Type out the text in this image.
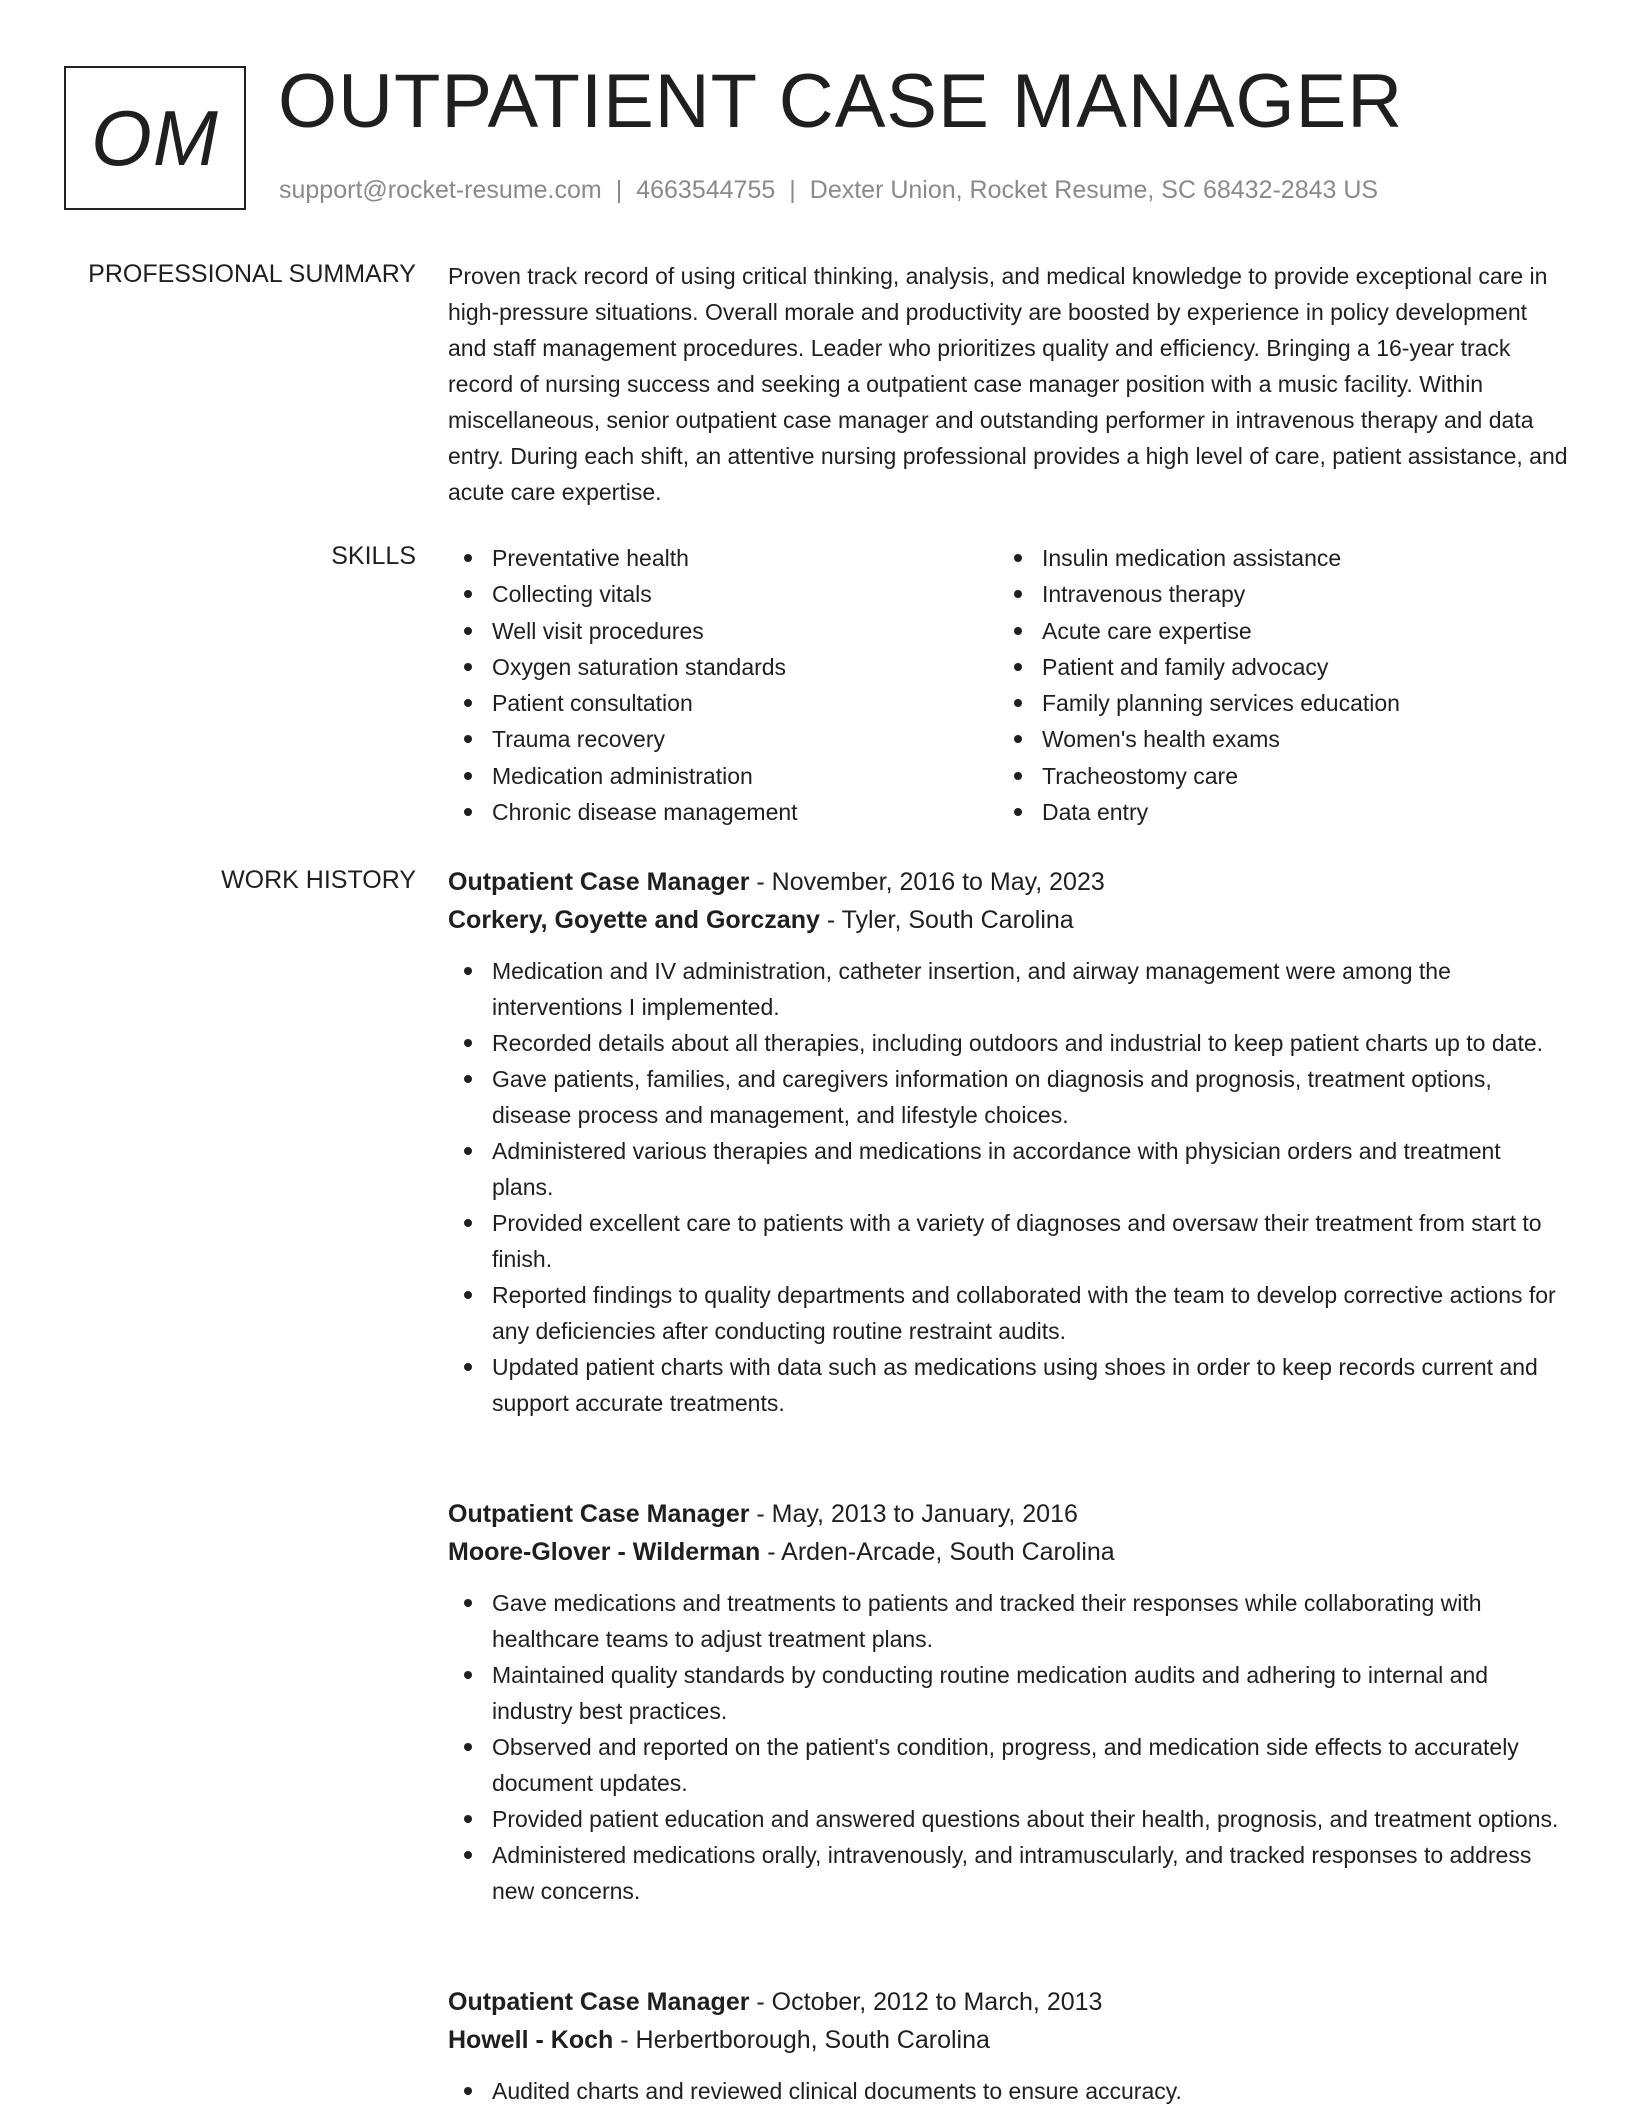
OM OUTPATIENT CASE MANAGER
support@rocket-resume.com | 4663544755 | Dexter Union, Rocket Resume, SC 68432-2843 US
PROFESSIONAL SUMMARY Proven track record of using critical thinking, analysis, and medical knowledge to provide exceptional care in high-pressure situations. Overall morale and productivity are boosted by experience in policy development and staff management procedures. Leader who prioritizes quality and efficiency. Bringing a 16-year track record of nursing success and seeking a outpatient case manager position with a music facility. Within miscellaneous, senior outpatient case manager and outstanding performer in intravenous therapy and data entry. During each shift, an attentive nursing professional provides a high level of care, patient assistance, and acute care expertise.
SKILLS	Preventative health
Collecting vitals
Well visit procedures
Oxygen saturation standards
Patient consultation
Trauma recovery
Medication administration
Chronic disease management
Insulin medication assistance
Intravenous therapy
Acute care expertise
Patient and family advocacy
Family planning services education
Women's health exams
Tracheostomy care
Data entry
WORK HISTORY Outpatient Case Manager - November, 2016 to May, 2023
Corkery, Goyette and Gorczany - Tyler, South Carolina
Medication and IV administration, catheter insertion, and airway management were among the interventions I implemented.
Recorded details about all therapies, including outdoors and industrial to keep patient charts up to date.
Gave patients, families, and caregivers information on diagnosis and prognosis, treatment options, disease process and management, and lifestyle choices.
Administered various therapies and medications in accordance with physician orders and treatment plans.
Provided excellent care to patients with a variety of diagnoses and oversaw their treatment from start to finish.
Reported findings to quality departments and collaborated with the team to develop corrective actions for any deficiencies after conducting routine restraint audits.
Updated patient charts with data such as medications using shoes in order to keep records current and support accurate treatments.
Outpatient Case Manager - May, 2013 to January, 2016
Moore-Glover - Wilderman - Arden-Arcade, South Carolina
Gave medications and treatments to patients and tracked their responses while collaborating with healthcare teams to adjust treatment plans.
Maintained quality standards by conducting routine medication audits and adhering to internal and industry best practices.
Observed and reported on the patient's condition, progress, and medication side effects to accurately document updates.
Provided patient education and answered questions about their health, prognosis, and treatment options.
Administered medications orally, intravenously, and intramuscularly, and tracked responses to address new concerns.
Outpatient Case Manager - October, 2012 to March, 2013
Howell - Koch - Herbertborough, South Carolina
Audited charts and reviewed clinical documents to ensure accuracy.
